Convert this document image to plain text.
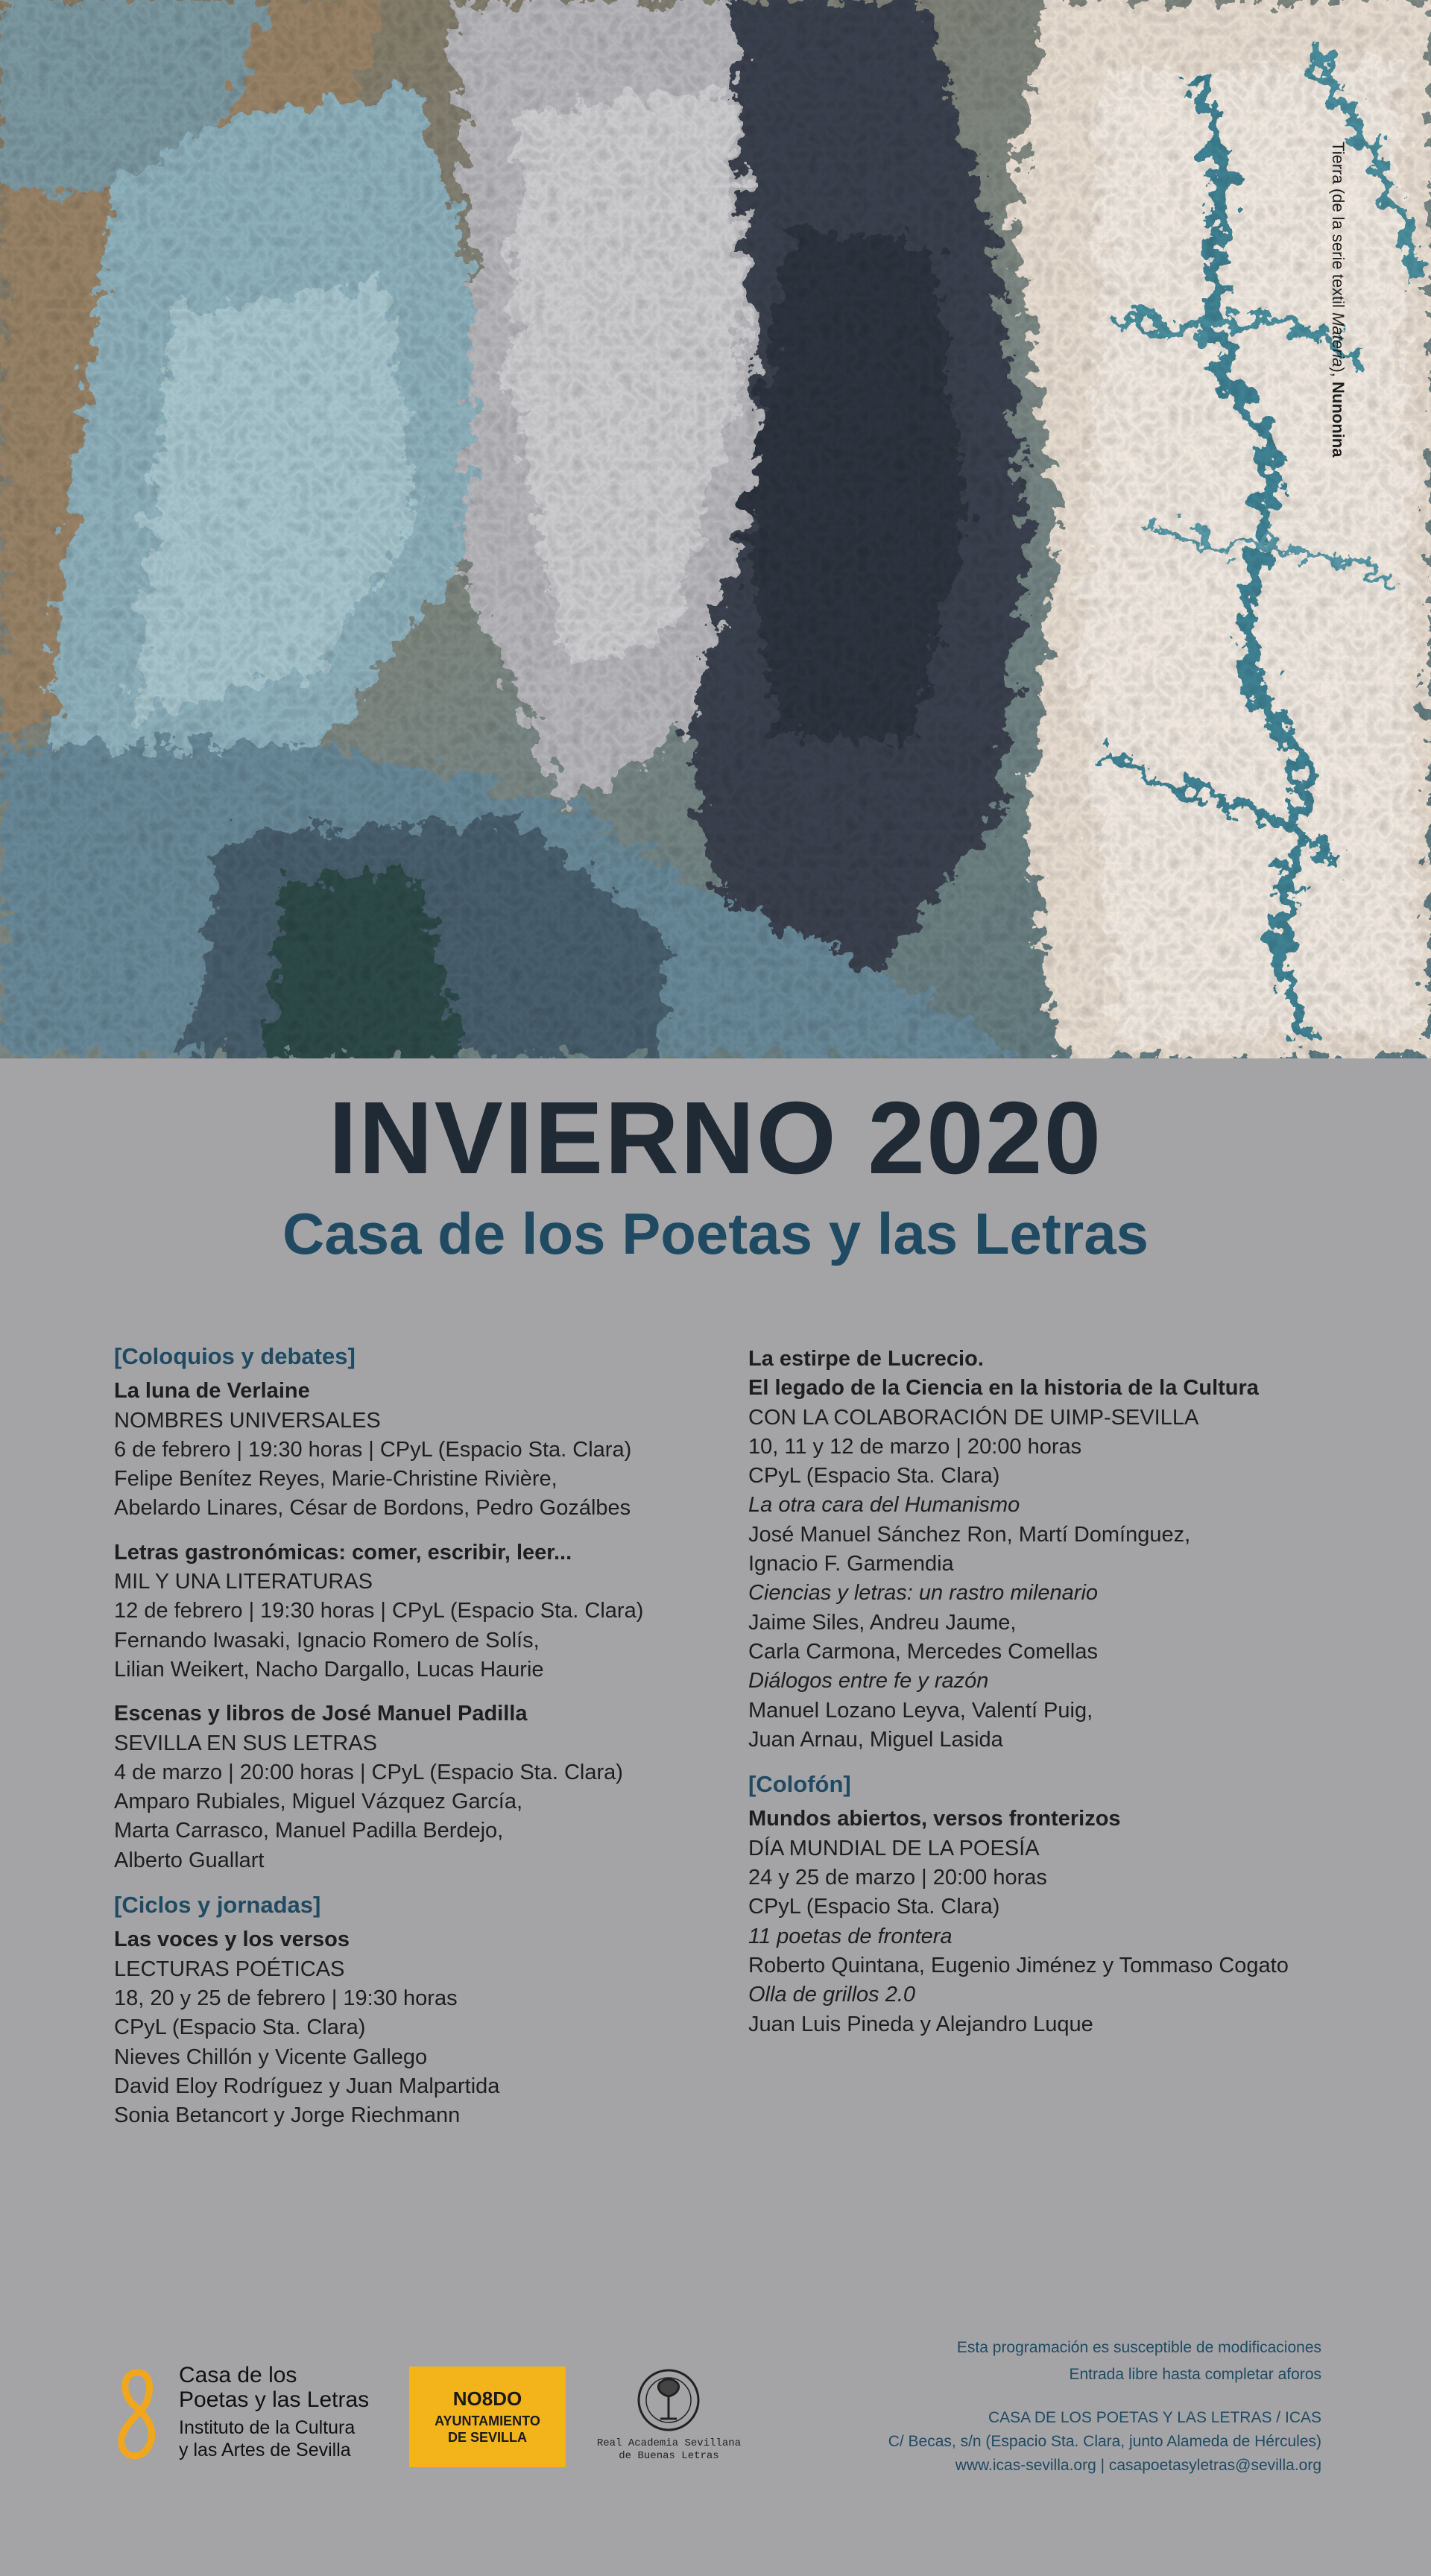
Tierra (de la serie textil Materia), Nunonina
INVIERNO 2020
Casa de los Poetas y las Letras
[Coloquios y debates]
La luna de Verlaine
NOMBRES UNIVERSALES
6 de febrero | 19:30 horas | CPyL (Espacio Sta. Clara)
Felipe Benítez Reyes, Marie-Christine Rivière,
Abelardo Linares, César de Bordons, Pedro Gozálbes
Letras gastronómicas: comer, escribir, leer...
MIL Y UNA LITERATURAS
12 de febrero | 19:30 horas | CPyL (Espacio Sta. Clara)
Fernando Iwasaki, Ignacio Romero de Solís,
Lilian Weikert, Nacho Dargallo, Lucas Haurie
Escenas y libros de José Manuel Padilla
SEVILLA EN SUS LETRAS
4 de marzo | 20:00 horas | CPyL (Espacio Sta. Clara)
Amparo Rubiales, Miguel Vázquez García,
Marta Carrasco, Manuel Padilla Berdejo,
Alberto Guallart
[Ciclos y jornadas]
Las voces y los versos
LECTURAS POÉTICAS
18, 20 y 25 de febrero | 19:30 horas
CPyL (Espacio Sta. Clara)
Nieves Chillón y Vicente Gallego
David Eloy Rodríguez y Juan Malpartida
Sonia Betancort y Jorge Riechmann
La estirpe de Lucrecio.
El legado de la Ciencia en la historia de la Cultura
CON LA COLABORACIÓN DE UIMP-SEVILLA
10, 11 y 12 de marzo | 20:00 horas
CPyL (Espacio Sta. Clara)
La otra cara del Humanismo
José Manuel Sánchez Ron, Martí Domínguez,
Ignacio F. Garmendia
Ciencias y letras: un rastro milenario
Jaime Siles, Andreu Jaume,
Carla Carmona, Mercedes Comellas
Diálogos entre fe y razón
Manuel Lozano Leyva, Valentí Puig,
Juan Arnau, Miguel Lasida
[Colofón]
Mundos abiertos, versos fronterizos
DÍA MUNDIAL DE LA POESÍA
24 y 25 de marzo | 20:00 horas
CPyL (Espacio Sta. Clara)
11 poetas de frontera
Roberto Quintana, Eugenio Jiménez y Tommaso Cogato
Olla de grillos 2.0
Juan Luis Pineda y Alejandro Luque
Casa de los
Poetas y las Letras
Instituto de la Cultura
y las Artes de Sevilla
NO8DO
AYUNTAMIENTO
DE SEVILLA	Real Academia Sevillana
de Buenas Letras
Esta programación es susceptible de modificaciones
Entrada libre hasta completar aforos
CASA DE LOS POETAS Y LAS LETRAS / ICAS
C/ Becas, s/n (Espacio Sta. Clara, junto Alameda de Hércules)
www.icas-sevilla.org | casapoetasyletras@sevilla.org
